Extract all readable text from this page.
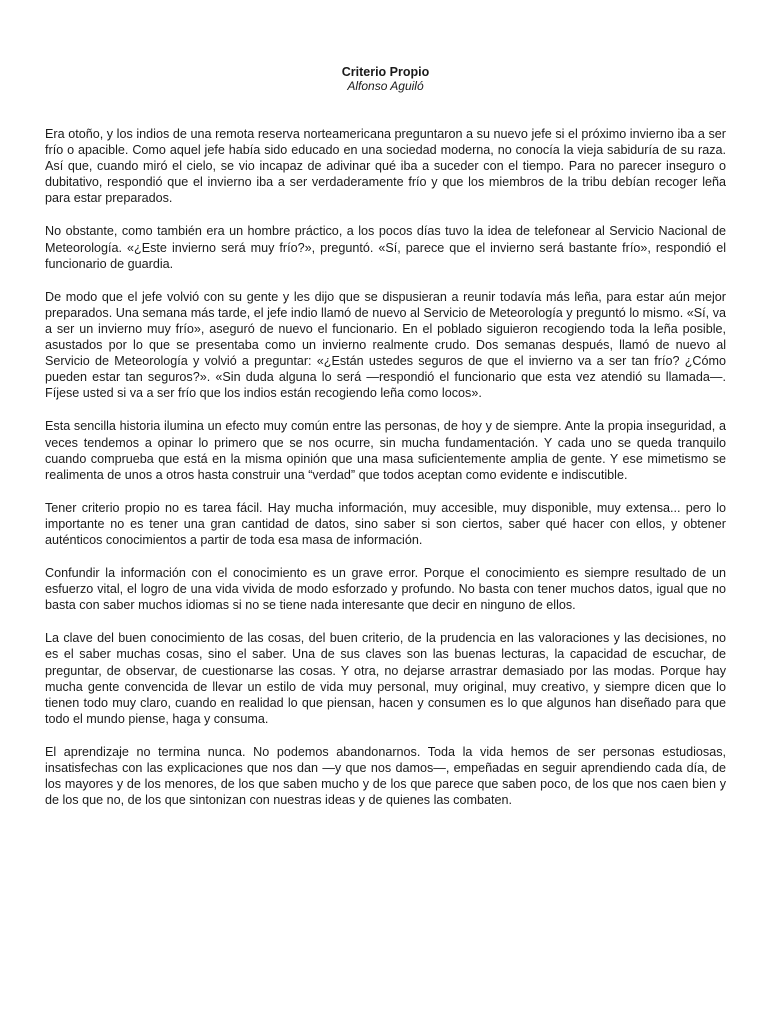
Criterio Propio
Alfonso Aguiló

Era otoño, y los indios de una remota reserva norteamericana preguntaron a su nuevo jefe si el próximo invierno iba a ser frío o apacible. Como aquel jefe había sido educado en una sociedad moderna, no conocía la vieja sabiduría de su raza. Así que, cuando miró el cielo, se vio incapaz de adivinar qué iba a suceder con el tiempo. Para no parecer inseguro o dubitativo, respondió que el invierno iba a ser verdaderamente frío y que los miembros de la tribu debían recoger leña para estar preparados.

No obstante, como también era un hombre práctico, a los pocos días tuvo la idea de telefonear al Servicio Nacional de Meteorología. «¿Este invierno será muy frío?», preguntó. «Sí, parece que el invierno será bastante frío», respondió el funcionario de guardia.

De modo que el jefe volvió con su gente y les dijo que se dispusieran a reunir todavía más leña, para estar aún mejor preparados. Una semana más tarde, el jefe indio llamó de nuevo al Servicio de Meteorología y preguntó lo mismo. «Sí, va a ser un invierno muy frío», aseguró de nuevo el funcionario. En el poblado siguieron recogiendo toda la leña posible, asustados por lo que se presentaba como un invierno realmente crudo. Dos semanas después, llamó de nuevo al Servicio de Meteorología y volvió a preguntar: «¿Están ustedes seguros de que el invierno va a ser tan frío? ¿Cómo pueden estar tan seguros?». «Sin duda alguna lo será —respondió el funcionario que esta vez atendió su llamada—. Fíjese usted si va a ser frío que los indios están recogiendo leña como locos».

Esta sencilla historia ilumina un efecto muy común entre las personas, de hoy y de siempre. Ante la propia inseguridad, a veces tendemos a opinar lo primero que se nos ocurre, sin mucha fundamentación. Y cada uno se queda tranquilo cuando comprueba que está en la misma opinión que una masa suficientemente amplia de gente. Y ese mimetismo se realimenta de unos a otros hasta construir una “verdad” que todos aceptan como evidente e indiscutible.

Tener criterio propio no es tarea fácil. Hay mucha información, muy accesible, muy disponible, muy extensa... pero lo importante no es tener una gran cantidad de datos, sino saber si son ciertos, saber qué hacer con ellos, y obtener auténticos conocimientos a partir de toda esa masa de información.

Confundir la información con el conocimiento es un grave error. Porque el conocimiento es siempre resultado de un esfuerzo vital, el logro de una vida vivida de modo esforzado y profundo. No basta con tener muchos datos, igual que no basta con saber muchos idiomas si no se tiene nada interesante que decir en ninguno de ellos.

La clave del buen conocimiento de las cosas, del buen criterio, de la prudencia en las valoraciones y las decisiones, no es el saber muchas cosas, sino el saber. Una de sus claves son las buenas lecturas, la capacidad de escuchar, de preguntar, de observar, de cuestionarse las cosas. Y otra, no dejarse arrastrar demasiado por las modas. Porque hay mucha gente convencida de llevar un estilo de vida muy personal, muy original, muy creativo, y siempre dicen que lo tienen todo muy claro, cuando en realidad lo que piensan, hacen y consumen es lo que algunos han diseñado para que todo el mundo piense, haga y consuma.

El aprendizaje no termina nunca. No podemos abandonarnos. Toda la vida hemos de ser personas estudiosas, insatisfechas con las explicaciones que nos dan —y que nos damos—, empeñadas en seguir aprendiendo cada día, de los mayores y de los menores, de los que saben mucho y de los que parece que saben poco, de los que nos caen bien y de los que no, de los que sintonizan con nuestras ideas y de quienes las combaten.
